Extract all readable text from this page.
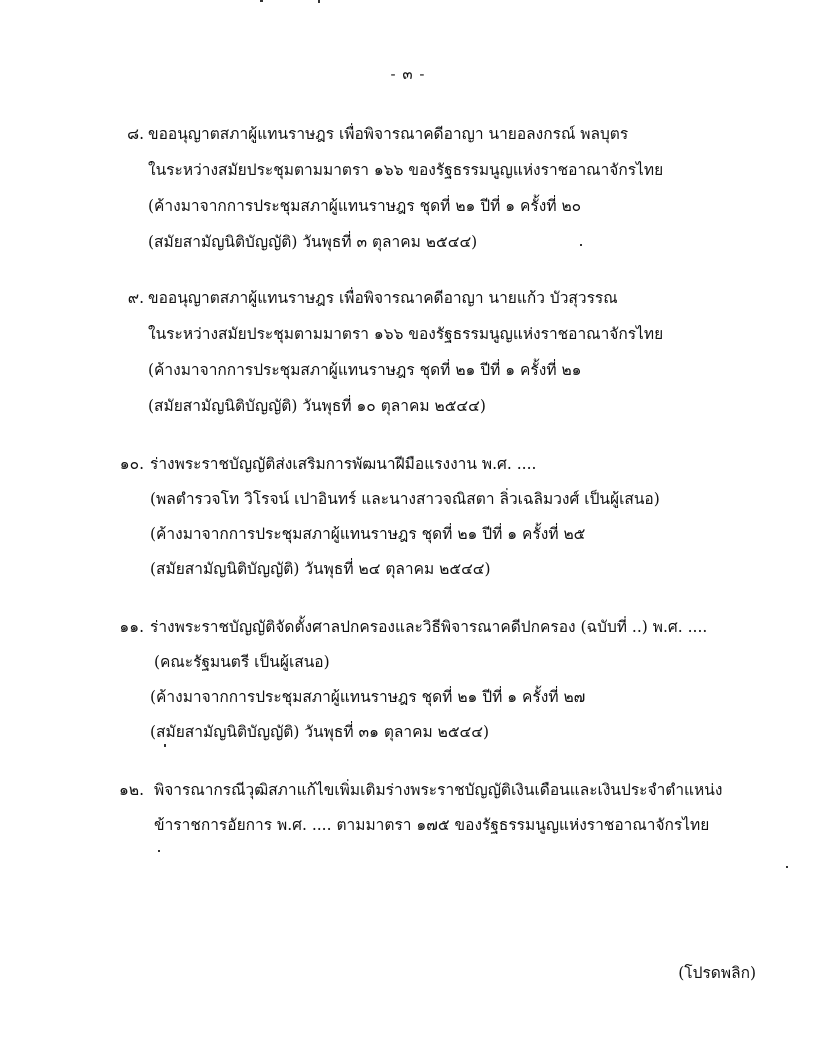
- ๓ -
๘. ขออนุญาตสภาผู้แทนราษฎร เพื่อพิจารณาคดีอาญา นายอลงกรณ์ พลบุตร
ในระหว่างสมัยประชุมตามมาตรา ๑๖๖ ของรัฐธรรมนูญแห่งราชอาณาจักรไทย
(ค้างมาจากการประชุมสภาผู้แทนราษฎร ชุดที่ ๒๑ ปีที่ ๑ ครั้งที่ ๒๐
(สมัยสามัญนิติบัญญัติ) วันพุธที่ ๓ ตุลาคม ๒๕๔๔)
๙. ขออนุญาตสภาผู้แทนราษฎร เพื่อพิจารณาคดีอาญา นายแก้ว บัวสุวรรณ
ในระหว่างสมัยประชุมตามมาตรา ๑๖๖ ของรัฐธรรมนูญแห่งราชอาณาจักรไทย
(ค้างมาจากการประชุมสภาผู้แทนราษฎร ชุดที่ ๒๑ ปีที่ ๑ ครั้งที่ ๒๑
(สมัยสามัญนิติบัญญัติ) วันพุธที่ ๑๐ ตุลาคม ๒๕๔๔)
๑๐. ร่างพระราชบัญญัติส่งเสริมการพัฒนาฝีมือแรงงาน พ.ศ. ....
(พลตำรวจโท วิโรจน์ เปาอินทร์ และนางสาวจณิสตา ลิ่วเฉลิมวงศ์ เป็นผู้เสนอ)
(ค้างมาจากการประชุมสภาผู้แทนราษฎร ชุดที่ ๒๑ ปีที่ ๑ ครั้งที่ ๒๕
(สมัยสามัญนิติบัญญัติ) วันพุธที่ ๒๔ ตุลาคม ๒๕๔๔)
๑๑. ร่างพระราชบัญญัติจัดตั้งศาลปกครองและวิธีพิจารณาคดีปกครอง (ฉบับที่ ..) พ.ศ. ....
(คณะรัฐมนตรี เป็นผู้เสนอ)
(ค้างมาจากการประชุมสภาผู้แทนราษฎร ชุดที่ ๒๑ ปีที่ ๑ ครั้งที่ ๒๗
(สมัยสามัญนิติบัญญัติ) วันพุธที่ ๓๑ ตุลาคม ๒๕๔๔)
๑๒. พิจารณากรณีวุฒิสภาแก้ไขเพิ่มเติมร่างพระราชบัญญัติเงินเดือนและเงินประจำตำแหน่ง
ข้าราชการอัยการ พ.ศ. .... ตามมาตรา ๑๗๕ ของรัฐธรรมนูญแห่งราชอาณาจักรไทย
(โปรดพลิก)
